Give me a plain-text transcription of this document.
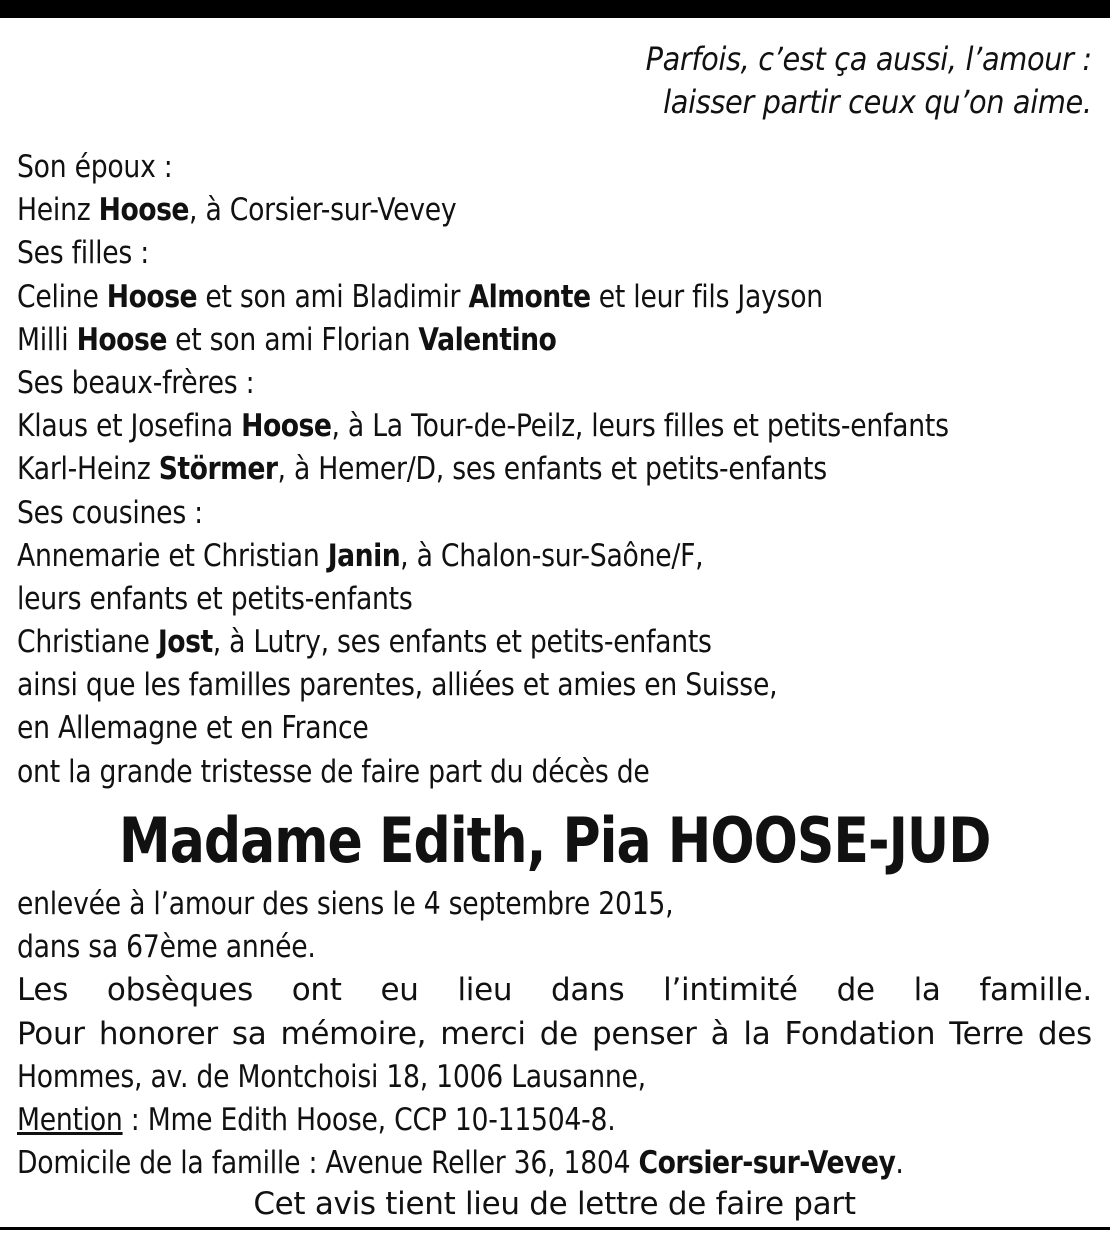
Parfois, c’est ça aussi, l’amour :
laisser partir ceux qu’on aime.
Son époux :
Heinz Hoose, à Corsier-sur-Vevey
Ses filles :
Celine Hoose et son ami Bladimir Almonte et leur fils Jayson
Milli Hoose et son ami Florian Valentino
Ses beaux-frères :
Klaus et Josefina Hoose, à La Tour-de-Peilz, leurs filles et petits-enfants
Karl-Heinz Störmer, à Hemer/D, ses enfants et petits-enfants
Ses cousines :
Annemarie et Christian Janin, à Chalon-sur-Saône/F,
leurs enfants et petits-enfants
Christiane Jost, à Lutry, ses enfants et petits-enfants
ainsi que les familles parentes, alliées et amies en Suisse,
en Allemagne et en France
ont la grande tristesse de faire part du décès de
Madame Edith, Pia HOOSE-JUD
enlevée à l’amour des siens le 4 septembre 2015,
dans sa 67ème année.
Les obsèques ont eu lieu dans l’intimité de la famille.
Pour honorer sa mémoire, merci de penser à la Fondation Terre des
Hommes, av. de Montchoisi 18, 1006 Lausanne,
Mention : Mme Edith Hoose, CCP 10-11504-8.
Domicile de la famille : Avenue Reller 36, 1804 Corsier-sur-Vevey.
Cet avis tient lieu de lettre de faire part
